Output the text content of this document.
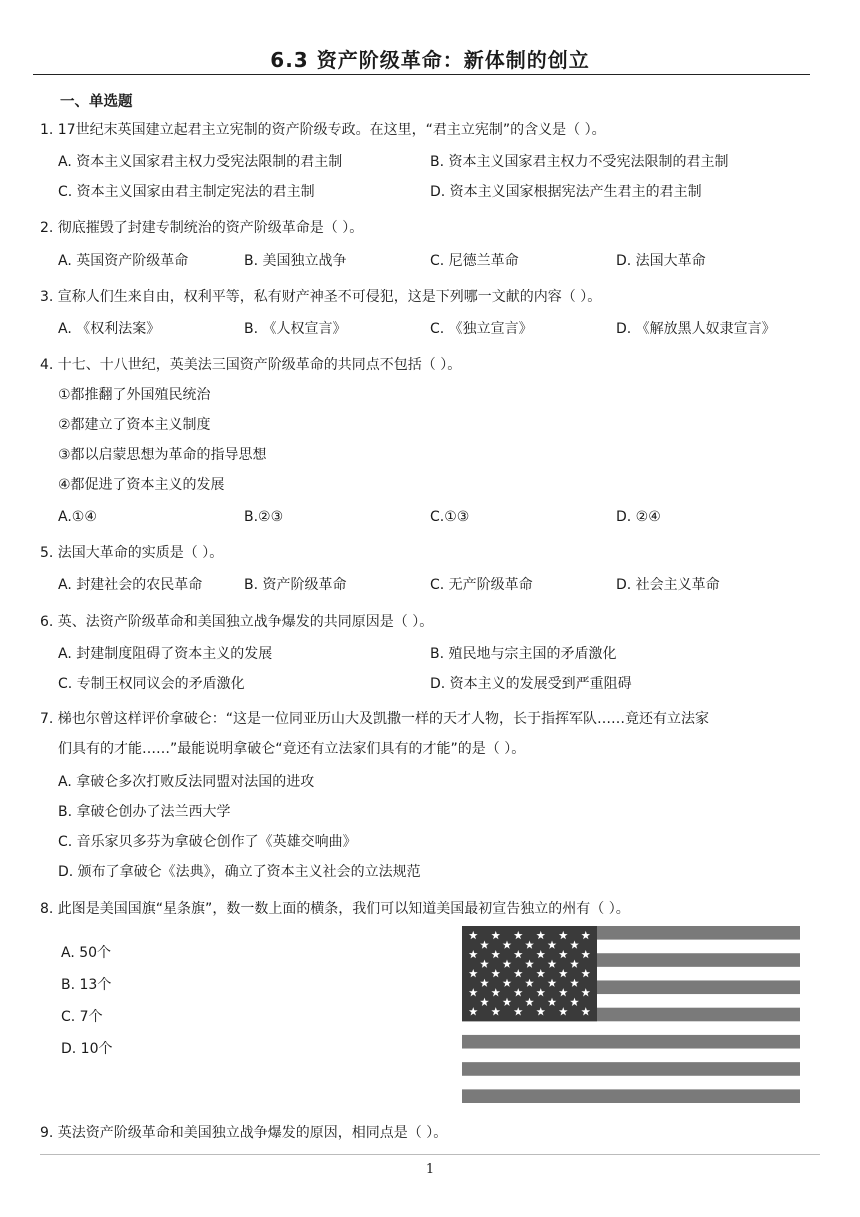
6.3 资产阶级革命：新体制的创立
一、单选题
1. 17世纪末英国建立起君主立宪制的资产阶级专政。在这里，“君主立宪制”的含义是（ ）。
A. 资本主义国家君主权力受宪法限制的君主制	B. 资本主义国家君主权力不受宪法限制的君主制
C. 资本主义国家由君主制定宪法的君主制	D. 资本主义国家根据宪法产生君主的君主制
2. 彻底摧毁了封建专制统治的资产阶级革命是（ ）。
A. 英国资产阶级革命	B. 美国独立战争	C. 尼德兰革命	D. 法国大革命
3. 宣称人们生来自由，权利平等，私有财产神圣不可侵犯，这是下列哪一文献的内容（ ）。
A. 《权利法案》	B. 《人权宣言》	C. 《独立宣言》	D. 《解放黑人奴隶宣言》
4. 十七、十八世纪，英美法三国资产阶级革命的共同点不包括（ ）。
①都推翻了外国殖民统治
②都建立了资本主义制度
③都以启蒙思想为革命的指导思想
④都促进了资本主义的发展
A.①④	B.②③	C.①③	D. ②④
5. 法国大革命的实质是（ ）。
A. 封建社会的农民革命	B. 资产阶级革命	C. 无产阶级革命	D. 社会主义革命
6. 英、法资产阶级革命和美国独立战争爆发的共同原因是（ ）。
A. 封建制度阻碍了资本主义的发展	B. 殖民地与宗主国的矛盾激化
C. 专制王权同议会的矛盾激化	D. 资本主义的发展受到严重阻碍
7. 梯也尔曾这样评价拿破仑：“这是一位同亚历山大及凯撒一样的天才人物，长于指挥军队……竟还有立法家
们具有的才能……”最能说明拿破仑“竟还有立法家们具有的才能”的是（ ）。
A. 拿破仑多次打败反法同盟对法国的进攻
B. 拿破仑创办了法兰西大学
C. 音乐家贝多芬为拿破仑创作了《英雄交响曲》
D. 颁布了拿破仑《法典》，确立了资本主义社会的立法规范
8. 此图是美国国旗“星条旗”，数一数上面的横条，我们可以知道美国最初宣告独立的州有（ ）。
A. 50个
B. 13个
C. 7个
D. 10个
9. 英法资产阶级革命和美国独立战争爆发的原因，相同点是（ ）。
1
